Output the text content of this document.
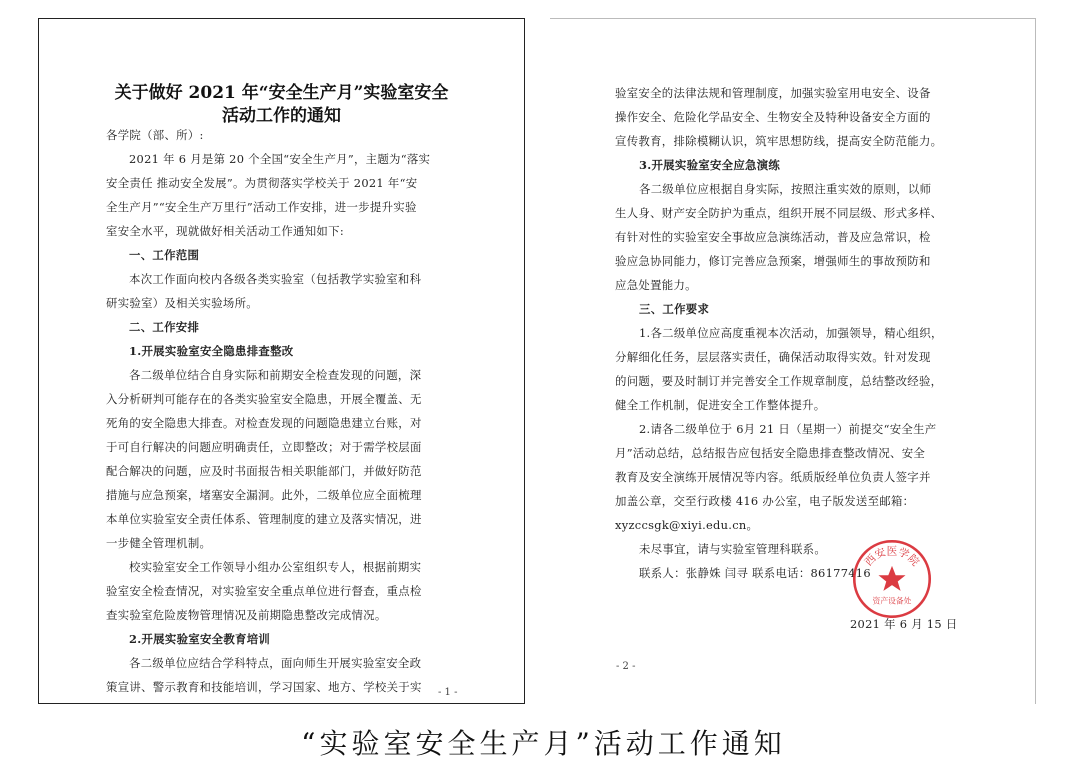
关于做好 2021 年“安全生产月”实验室安全
活动工作的通知
各学院（部、所）:
2021 年 6 月是第 20 个全国“安全生产月”，主题为“落实
安全责任 推动安全发展”。为贯彻落实学校关于 2021 年“安
全生产月”“安全生产万里行”活动工作安排，进一步提升实验
室安全水平，现就做好相关活动工作通知如下:
一、工作范围
本次工作面向校内各级各类实验室（包括教学实验室和科
研实验室）及相关实验场所。
二、工作安排
1.开展实验室安全隐患排查整改
各二级单位结合自身实际和前期安全检查发现的问题，深
入分析研判可能存在的各类实验室安全隐患，开展全覆盖、无
死角的安全隐患大排查。对检查发现的问题隐患建立台账，对
于可自行解决的问题应明确责任，立即整改；对于需学校层面
配合解决的问题，应及时书面报告相关职能部门，并做好防范
措施与应急预案，堵塞安全漏洞。此外，二级单位应全面梳理
本单位实验室安全责任体系、管理制度的建立及落实情况，进
一步健全管理机制。
校实验室安全工作领导小组办公室组织专人，根据前期实
验室安全检查情况，对实验室安全重点单位进行督查，重点检
查实验室危险废物管理情况及前期隐患整改完成情况。
2.开展实验室安全教育培训
各二级单位应结合学科特点，面向师生开展实验室安全政
策宣讲、警示教育和技能培训，学习国家、地方、学校关于实 - 1 -
验室安全的法律法规和管理制度，加强实验室用电安全、设备
操作安全、危险化学品安全、生物安全及特种设备安全方面的
宣传教育，排除模糊认识，筑牢思想防线，提高安全防范能力。
3.开展实验室安全应急演练
各二级单位应根据自身实际，按照注重实效的原则，以师
生人身、财产安全防护为重点，组织开展不同层级、形式多样、
有针对性的实验室安全事故应急演练活动，普及应急常识，检
验应急协同能力，修订完善应急预案，增强师生的事故预防和
应急处置能力。
三、工作要求
1.各二级单位应高度重视本次活动，加强领导，精心组织，
分解细化任务，层层落实责任，确保活动取得实效。针对发现
的问题，要及时制订并完善安全工作规章制度，总结整改经验，
健全工作机制，促进安全工作整体提升。
2.请各二级单位于 6月 21 日（星期一）前提交“安全生产
月”活动总结，总结报告应包括安全隐患排查整改情况、安全
教育及安全演练开展情况等内容。纸质版经单位负责人签字并
加盖公章，交至行政楼 416 办公室，电子版发送至邮箱：
xyzccsgk@xiyi.edu.cn。
未尽事宜，请与实验室管理科联系。
联系人：张静姝 闫寻 联系电话：86177416
2021 年 6 月 15 日
- 2 -
西安医学院
资产设备处
“实验室安全生产月”活动工作通知
